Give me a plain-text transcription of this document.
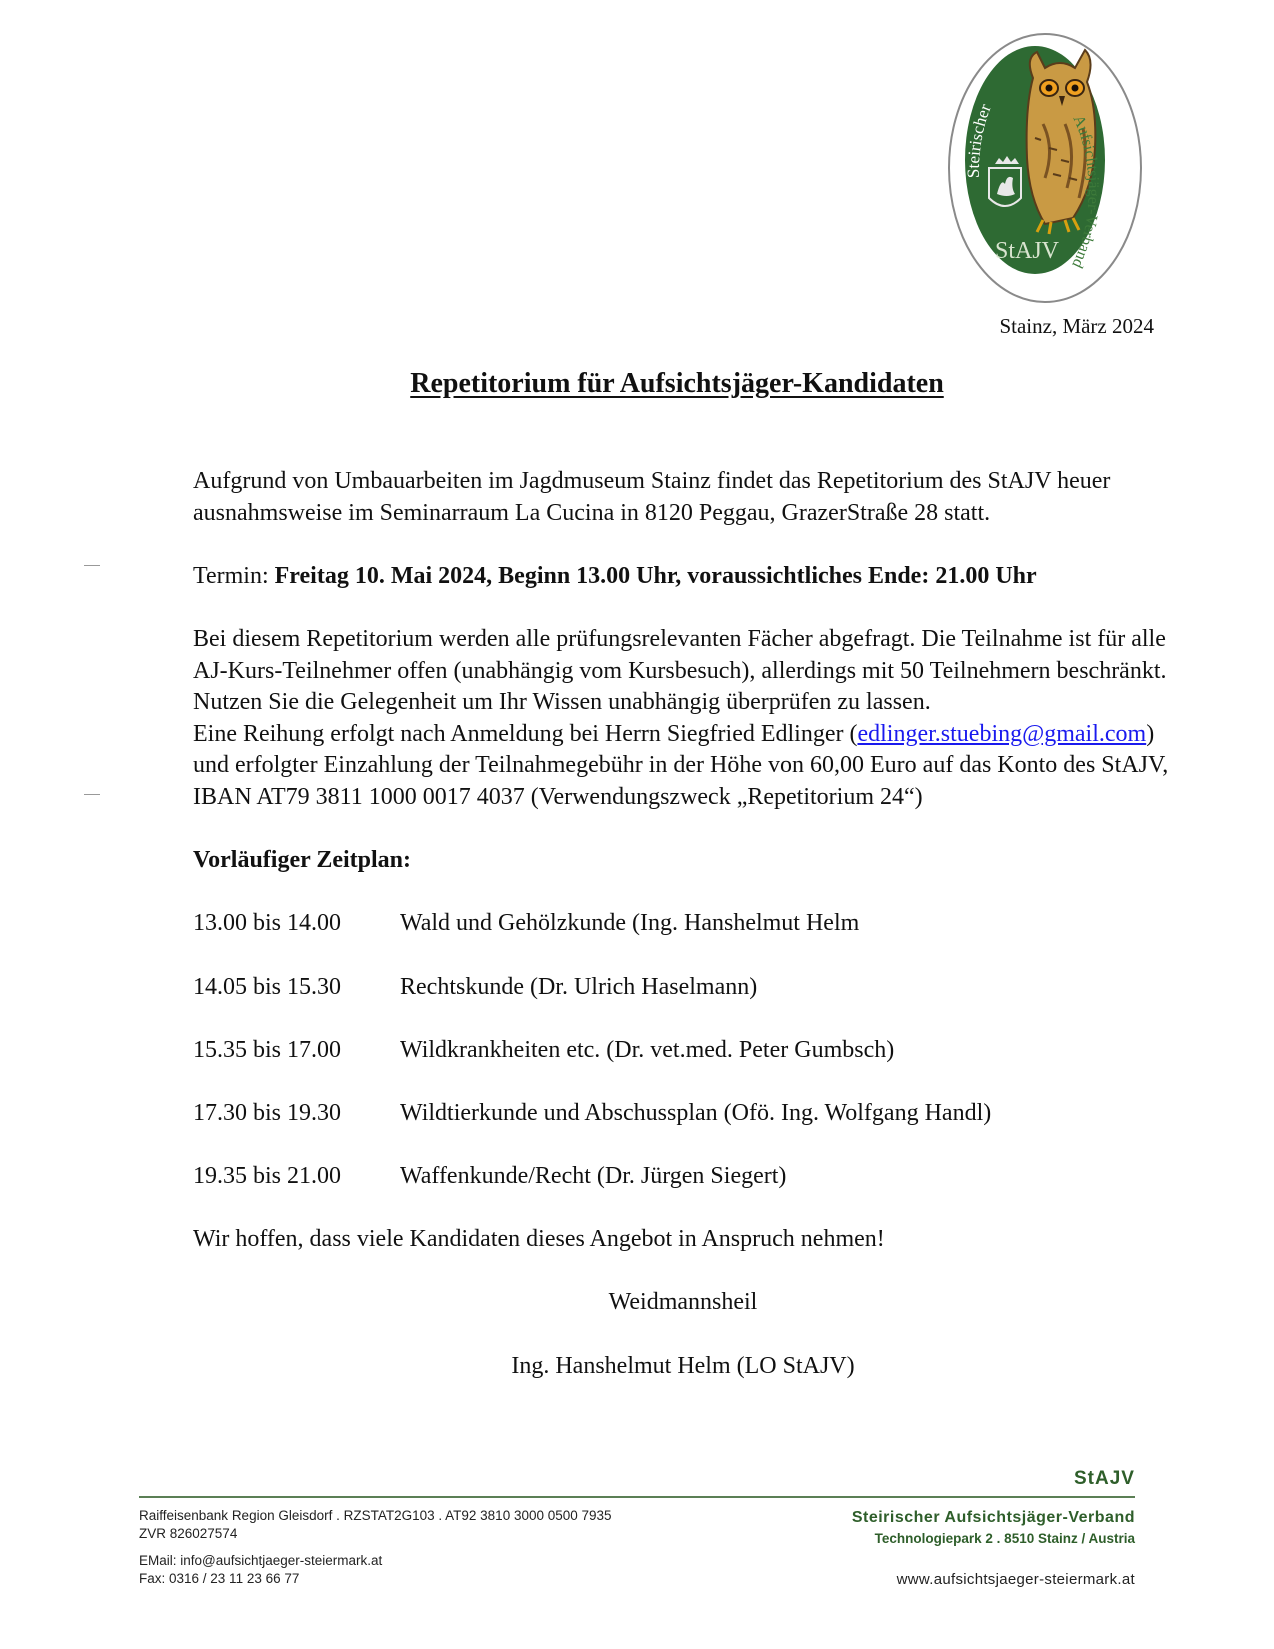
StAJV
Steirischer
Aufsichtsjäger-Verband
Stainz, März 2024
Repetitorium für Aufsichtsjäger-Kandidaten

Aufgrund von Umbauarbeiten im Jagdmuseum Stainz findet das Repetitorium des StAJV heuer ausnahmsweise im Seminarraum La Cucina in 8120 Peggau, GrazerStraße 28 statt.

Termin: Freitag 10. Mai 2024, Beginn 13.00 Uhr, voraussichtliches Ende: 21.00 Uhr

Bei diesem Repetitorium werden alle prüfungsrelevanten Fächer abgefragt. Die Teilnahme ist für alle AJ-Kurs-Teilnehmer offen (unabhängig vom Kursbesuch), allerdings mit 50 Teilnehmern beschränkt. Nutzen Sie die Gelegenheit um Ihr Wissen unabhängig überprüfen zu lassen.

Eine Reihung erfolgt nach Anmeldung bei Herrn Siegfried Edlinger (edlinger.stuebing@gmail.com) und erfolgter Einzahlung der Teilnahmegebühr in der Höhe von 60,00 Euro auf das Konto des StAJV, IBAN AT79 3811 1000 0017 4037 (Verwendungszweck „Repetitorium 24“)

Vorläufiger Zeitplan:

13.00 bis 14.00	Wald und Gehölzkunde (Ing. Hanshelmut Helm
14.05 bis 15.30	Rechtskunde (Dr. Ulrich Haselmann)
15.35 bis 17.00	Wildkrankheiten etc. (Dr. vet.med. Peter Gumbsch)
17.30 bis 19.30	Wildtierkunde und Abschussplan (Ofö. Ing. Wolfgang Handl)
19.35 bis 21.00	Waffenkunde/Recht (Dr. Jürgen Siegert)

Wir hoffen, dass viele Kandidaten dieses Angebot in Anspruch nehmen!

Weidmannsheil

Ing. Hanshelmut Helm (LO StAJV)

StAJV
Raiffeisenbank Region Gleisdorf . RZSTAT2G103 . AT92 3810 3000 0500 7935
ZVR 826027574
EMail: info@aufsichtjaeger-steiermark.at
Fax: 0316 / 23 11 23 66 77
Steirischer Aufsichtsjäger-Verband
Technologiepark 2 . 8510 Stainz / Austria
www.aufsichtsjaeger-steiermark.at
